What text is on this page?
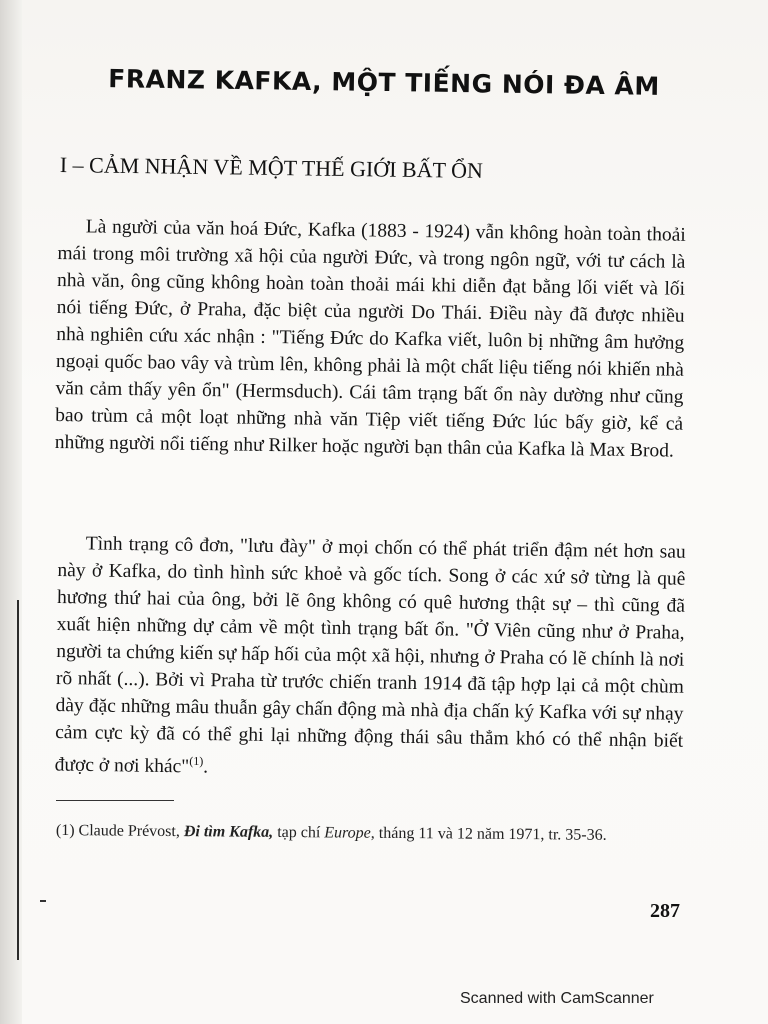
FRANZ KAFKA, MỘT TIẾNG NÓI ĐA ÂM
I – CẢM NHẬN VỀ MỘT THẾ GIỚI BẤT ỔN

Là người của văn hoá Đức, Kafka (1883 - 1924) vẫn không hoàn toàn thoải mái trong môi trường xã hội của người Đức, và trong ngôn ngữ, với tư cách là nhà văn, ông cũng không hoàn toàn thoải mái khi diễn đạt bằng lối viết và lối nói tiếng Đức, ở Praha, đặc biệt của người Do Thái. Điều này đã được nhiều nhà nghiên cứu xác nhận : "Tiếng Đức do Kafka viết, luôn bị những âm hưởng ngoại quốc bao vây và trùm lên, không phải là một chất liệu tiếng nói khiến nhà văn cảm thấy yên ổn" (Hermsduch). Cái tâm trạng bất ổn này dường như cũng bao trùm cả một loạt những nhà văn Tiệp viết tiếng Đức lúc bấy giờ, kể cả những người nổi tiếng như Rilker hoặc người bạn thân của Kafka là Max Brod.

Tình trạng cô đơn, "lưu đày" ở mọi chốn có thể phát triển đậm nét hơn sau này ở Kafka, do tình hình sức khoẻ và gốc tích. Song ở các xứ sở từng là quê hương thứ hai của ông, bởi lẽ ông không có quê hương thật sự – thì cũng đã xuất hiện những dự cảm về một tình trạng bất ổn. "Ở Viên cũng như ở Praha, người ta chứng kiến sự hấp hối của một xã hội, nhưng ở Praha có lẽ chính là nơi rõ nhất (...). Bởi vì Praha từ trước chiến tranh 1914 đã tập hợp lại cả một chùm dày đặc những mâu thuẫn gây chấn động mà nhà địa chấn ký Kafka với sự nhạy cảm cực kỳ đã có thể ghi lại những động thái sâu thẳm khó có thể nhận biết được ở nơi khác"$^{(1)}$.

(1) Claude Prévost, Đi tìm Kafka, tạp chí Europe, tháng 11 và 12 năm 1971, tr. 35-36.
287
Scanned with CamScanner
